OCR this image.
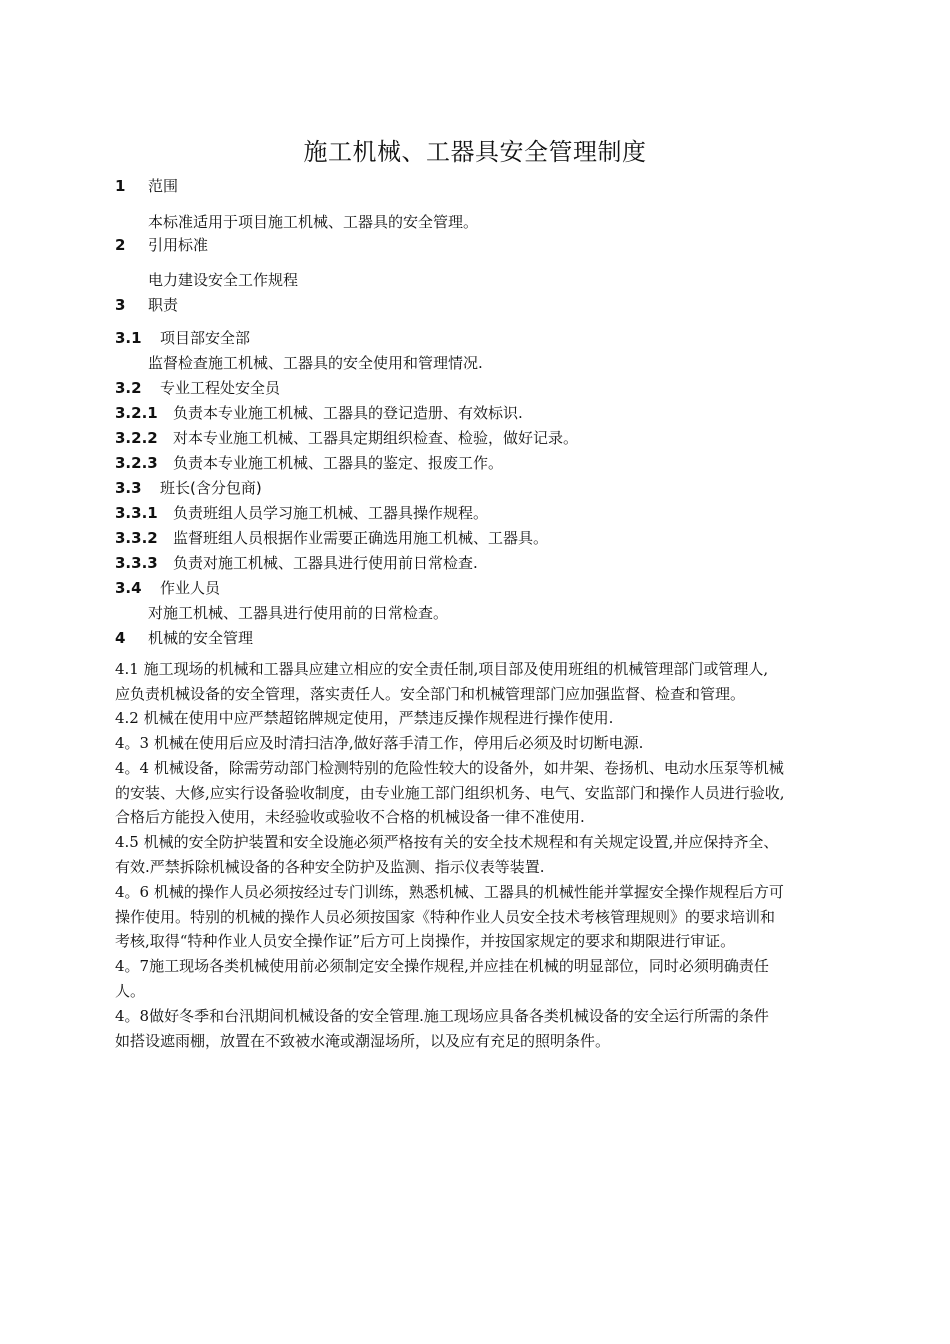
施工机械、工器具安全管理制度
1 范围
本标准适用于项目施工机械、工器具的安全管理。
2 引用标准
电力建设安全工作规程
3 职责
3.1 项目部安全部
监督检查施工机械、工器具的安全使用和管理情况.
3.2 专业工程处安全员
3.2.1 负责本专业施工机械、工器具的登记造册、有效标识.
3.2.2 对本专业施工机械、工器具定期组织检查、检验，做好记录。
3.2.3 负责本专业施工机械、工器具的鉴定、报废工作。
3.3 班长(含分包商)
3.3.1 负责班组人员学习施工机械、工器具操作规程。
3.3.2 监督班组人员根据作业需要正确选用施工机械、工器具。
3.3.3 负责对施工机械、工器具进行使用前日常检查.
3.4 作业人员
对施工机械、工器具进行使用前的日常检查。
4 机械的安全管理
4.1 施工现场的机械和工器具应建立相应的安全责任制,项目部及使用班组的机械管理部门或管理人,
应负责机械设备的安全管理，落实责任人。安全部门和机械管理部门应加强监督、检查和管理。
4.2 机械在使用中应严禁超铭牌规定使用，严禁违反操作规程进行操作使用.
4。3 机械在使用后应及时清扫洁净,做好落手清工作，停用后必须及时切断电源.
4。4 机械设备，除需劳动部门检测特别的危险性较大的设备外，如井架、卷扬机、电动水压泵等机械
的安装、大修,应实行设备验收制度，由专业施工部门组织机务、电气、安监部门和操作人员进行验收,
合格后方能投入使用，未经验收或验收不合格的机械设备一律不准使用.
4.5 机械的安全防护装置和安全设施必须严格按有关的安全技术规程和有关规定设置,并应保持齐全、
有效.严禁拆除机械设备的各种安全防护及监测、指示仪表等装置.
4。6 机械的操作人员必须按经过专门训练，熟悉机械、工器具的机械性能并掌握安全操作规程后方可
操作使用。特别的机械的操作人员必须按国家《特种作业人员安全技术考核管理规则》的要求培训和
考核,取得“特种作业人员安全操作证”后方可上岗操作，并按国家规定的要求和期限进行审证。
4。7施工现场各类机械使用前必须制定安全操作规程,并应挂在机械的明显部位，同时必须明确责任
人。
4。8做好冬季和台汛期间机械设备的安全管理.施工现场应具备各类机械设备的安全运行所需的条件
如搭设遮雨棚，放置在不致被水淹或潮湿场所，以及应有充足的照明条件。
